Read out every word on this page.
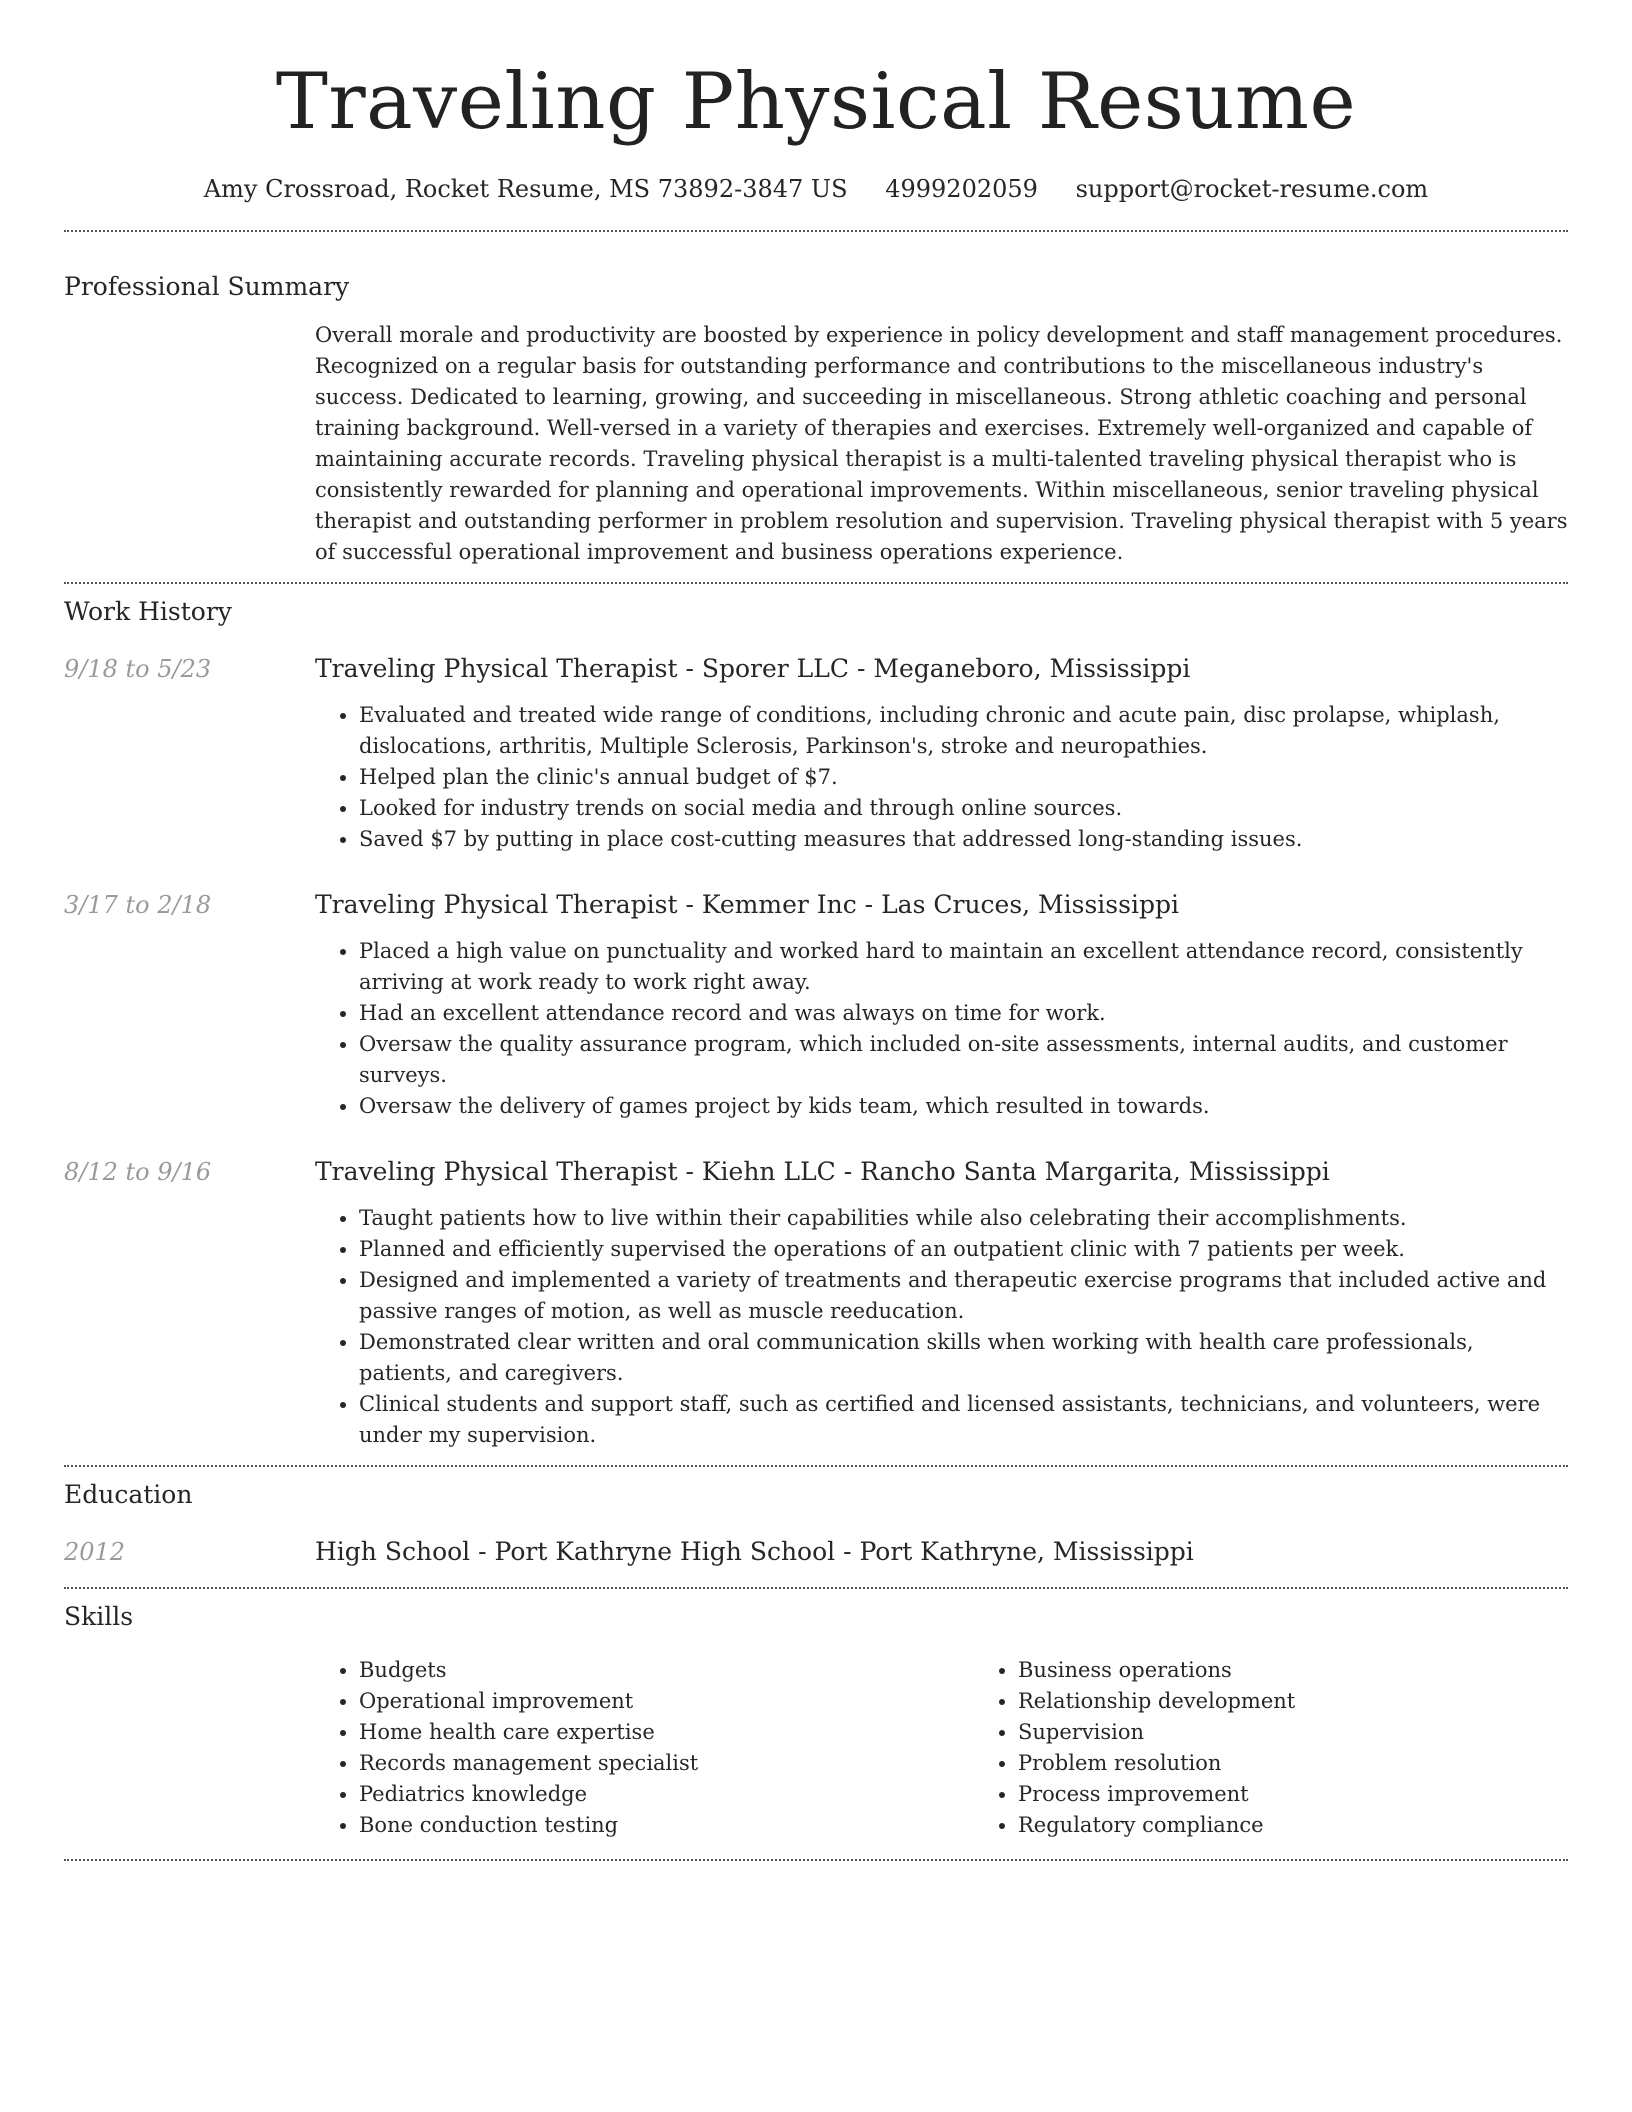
Traveling Physical Resume
Amy Crossroad, Rocket Resume, MS 73892-3847 US 4999202059 support@rocket-resume.com
Professional Summary
Overall morale and productivity are boosted by experience in policy development and staff management procedures. Recognized on a regular basis for outstanding performance and contributions to the miscellaneous industry's success. Dedicated to learning, growing, and succeeding in miscellaneous. Strong athletic coaching and personal training background. Well-versed in a variety of therapies and exercises. Extremely well-organized and capable of maintaining accurate records. Traveling physical therapist is a multi-talented traveling physical therapist who is consistently rewarded for planning and operational improvements. Within miscellaneous, senior traveling physical therapist and outstanding performer in problem resolution and supervision. Traveling physical therapist with 5 years of successful operational improvement and business operations experience.
Work History
9/18 to 5/23	Traveling Physical Therapist - Sporer LLC - Meganeboro, Mississippi
• Evaluated and treated wide range of conditions, including chronic and acute pain, disc prolapse, whiplash, dislocations, arthritis, Multiple Sclerosis, Parkinson's, stroke and neuropathies.
• Helped plan the clinic's annual budget of $7.
• Looked for industry trends on social media and through online sources.
• Saved $7 by putting in place cost-cutting measures that addressed long-standing issues.
3/17 to 2/18	Traveling Physical Therapist - Kemmer Inc - Las Cruces, Mississippi
• Placed a high value on punctuality and worked hard to maintain an excellent attendance record, consistently arriving at work ready to work right away.
• Had an excellent attendance record and was always on time for work.
• Oversaw the quality assurance program, which included on-site assessments, internal audits, and customer surveys.
• Oversaw the delivery of games project by kids team, which resulted in towards.
8/12 to 9/16	Traveling Physical Therapist - Kiehn LLC - Rancho Santa Margarita, Mississippi
• Taught patients how to live within their capabilities while also celebrating their accomplishments.
• Planned and efficiently supervised the operations of an outpatient clinic with 7 patients per week.
• Designed and implemented a variety of treatments and therapeutic exercise programs that included active and passive ranges of motion, as well as muscle reeducation.
• Demonstrated clear written and oral communication skills when working with health care professionals, patients, and caregivers.
• Clinical students and support staff, such as certified and licensed assistants, technicians, and volunteers, were under my supervision.
Education
2012	High School - Port Kathryne High School - Port Kathryne, Mississippi
Skills
• Budgets
• Operational improvement
• Home health care expertise
• Records management specialist
• Pediatrics knowledge
• Bone conduction testing
• Business operations
• Relationship development
• Supervision
• Problem resolution
• Process improvement
• Regulatory compliance
